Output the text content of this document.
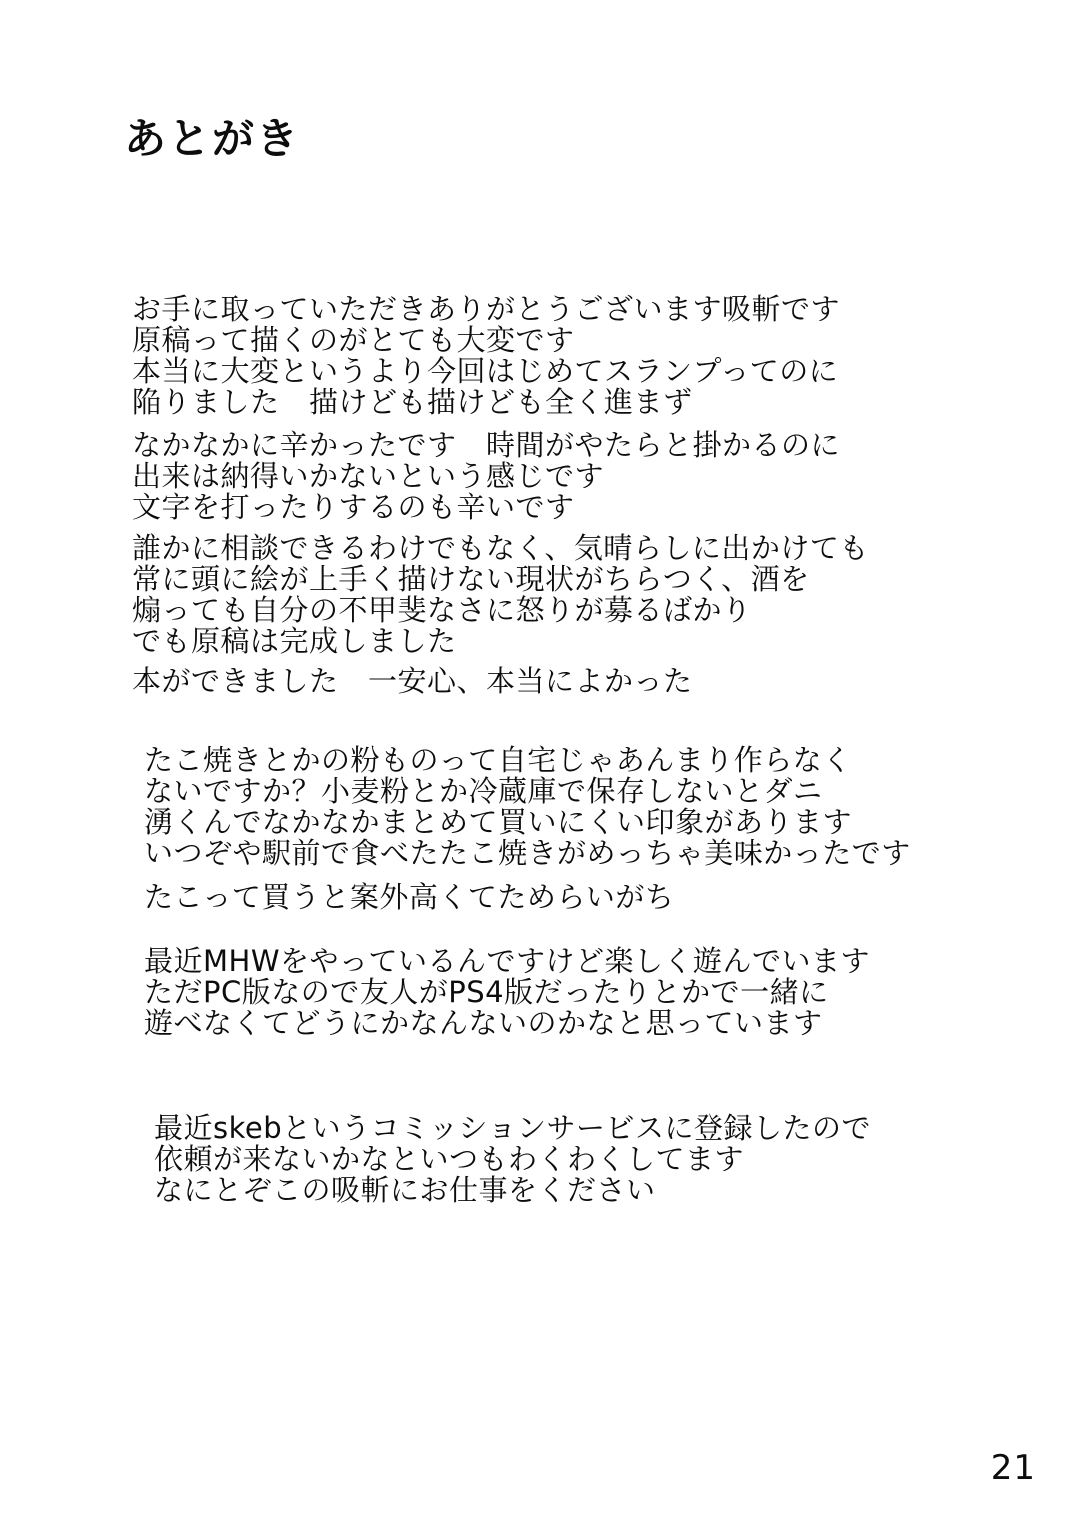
あとがき
お手に取っていただきありがとうございます吸斬です
原稿って描くのがとても大変です
本当に大変というより今回はじめてスランプってのに
陥りました　描けども描けども全く進まず
なかなかに辛かったです　時間がやたらと掛かるのに
出来は納得いかないという感じです
文字を打ったりするのも辛いです
誰かに相談できるわけでもなく、気晴らしに出かけても
常に頭に絵が上手く描けない現状がちらつく、酒を
煽っても自分の不甲斐なさに怒りが募るばかり
でも原稿は完成しました
本ができました　一安心、本当によかった
たこ焼きとかの粉ものって自宅じゃあんまり作らなく
ないですか？小麦粉とか冷蔵庫で保存しないとダニ
湧くんでなかなかまとめて買いにくい印象があります
いつぞや駅前で食べたたこ焼きがめっちゃ美味かったです
たこって買うと案外高くてためらいがち
最近MHWをやっているんですけど楽しく遊んでいます
ただPC版なので友人がPS4版だったりとかで一緒に
遊べなくてどうにかなんないのかなと思っています
最近skebというコミッションサービスに登録したので
依頼が来ないかなといつもわくわくしてます
なにとぞこの吸斬にお仕事をください
21
